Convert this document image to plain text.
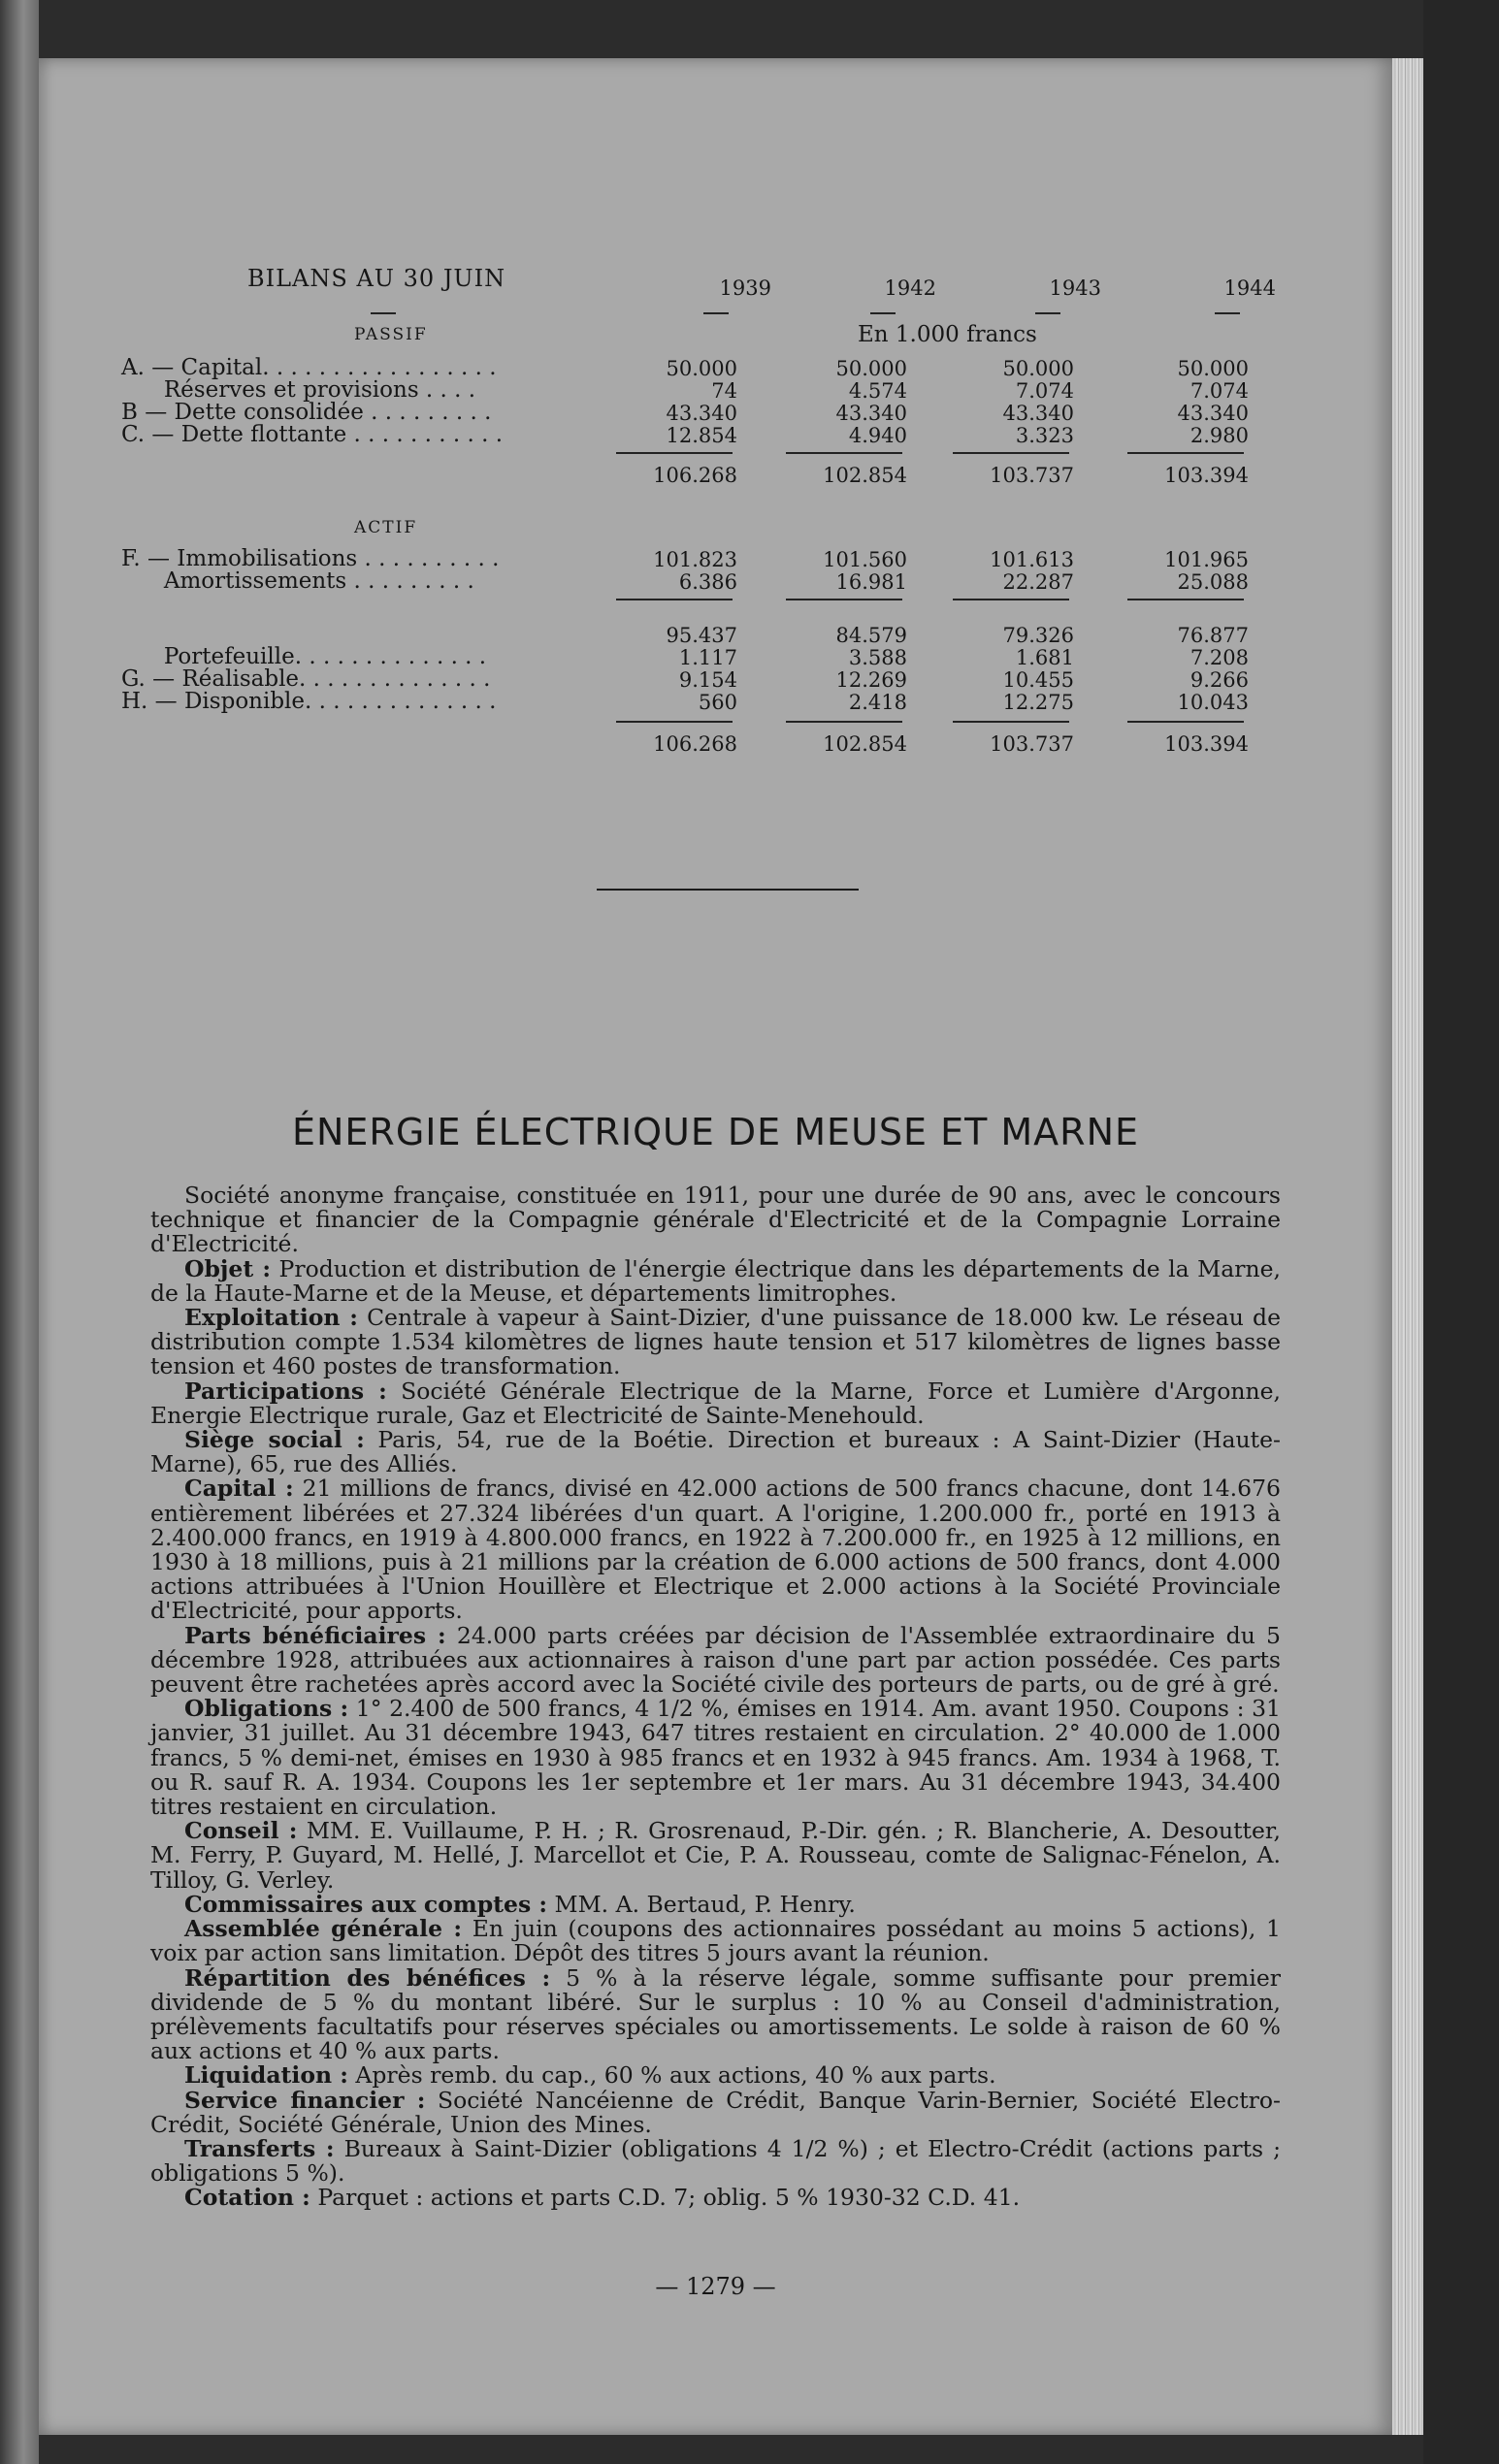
BILANS AU 30 JUIN	1939	1942	1943	1944
En 1.000 francs
PASSIF
A. — Capital. . . . . . . . . . . . . . . . .	50.000	50.000	50.000	50.000
Réserves et provisions . . . .	74	4.574	7.074	7.074
B — Dette consolidée . . . . . . . . .	43.340	43.340	43.340	43.340
C. — Dette flottante . . . . . . . . . . .	12.854	4.940	3.323	2.980
106.268	102.854	103.737	103.394
F. — Immobilisations . . . . . . . . . .	101.823	101.560	101.613	101.965
Amortissements . . . . . . . . .	6.386	16.981	22.287	25.088
95.437	84.579	79.326	76.877
Portefeuille. . . . . . . . . . . . . .	1.117	3.588	1.681	7.208
G. — Réalisable. . . . . . . . . . . . . .	9.154	12.269	10.455	9.266
H. — Disponible. . . . . . . . . . . . . .	560	2.418	12.275	10.043
106.268	102.854	103.737	103.394
ACTIF
ÉNERGIE ÉLECTRIQUE DE MEUSE ET MARNE

Société anonyme française, constituée en 1911, pour une durée de 90 ans, avec le concours technique et financier de la Compagnie générale d'Electricité et de la Compagnie Lorraine d'Electricité.

Objet : Production et distribution de l'énergie électrique dans les départements de la Marne, de la Haute-Marne et de la Meuse, et départements limitrophes.

Exploitation : Centrale à vapeur à Saint-Dizier, d'une puissance de 18.000 kw. Le réseau de distribution compte 1.534 kilomètres de lignes haute tension et 517 kilomètres de lignes basse tension et 460 postes de transformation.

Participations : Société Générale Electrique de la Marne, Force et Lumière d'Argonne, Energie Electrique rurale, Gaz et Electricité de Sainte-Menehould.

Siège social : Paris, 54, rue de la Boétie. Direction et bureaux : A Saint-Dizier (Haute-Marne), 65, rue des Alliés.

Capital : 21 millions de francs, divisé en 42.000 actions de 500 francs chacune, dont 14.676 entièrement libérées et 27.324 libérées d'un quart. A l'origine, 1.200.000 fr., porté en 1913 à 2.400.000 francs, en 1919 à 4.800.000 francs, en 1922 à 7.200.000 fr., en 1925 à 12 millions, en 1930 à 18 millions, puis à 21 millions par la création de 6.000 actions de 500 francs, dont 4.000 actions attribuées à l'Union Houillère et Electrique et 2.000 actions à la Société Provinciale d'Electricité, pour apports.

Parts bénéficiaires : 24.000 parts créées par décision de l'Assemblée extraordinaire du 5 décembre 1928, attribuées aux actionnaires à raison d'une part par action possédée. Ces parts peuvent être rachetées après accord avec la Société civile des porteurs de parts, ou de gré à gré.

Obligations : 1° 2.400 de 500 francs, 4 1/2 %, émises en 1914. Am. avant 1950. Coupons : 31 janvier, 31 juillet. Au 31 décembre 1943, 647 titres restaient en circulation. 2° 40.000 de 1.000 francs, 5 % demi-net, émises en 1930 à 985 francs et en 1932 à 945 francs. Am. 1934 à 1968, T. ou R. sauf R. A. 1934. Coupons les 1er septembre et 1er mars. Au 31 décembre 1943, 34.400 titres restaient en circulation.

Conseil : MM. E. Vuillaume, P. H. ; R. Grosrenaud, P.-Dir. gén. ; R. Blancherie, A. Desoutter, M. Ferry, P. Guyard, M. Hellé, J. Marcellot et Cie, P. A. Rousseau, comte de Salignac-Fénelon, A. Tilloy, G. Verley.

Commissaires aux comptes : MM. A. Bertaud, P. Henry.

Assemblée générale : En juin (coupons des actionnaires possédant au moins 5 actions), 1 voix par action sans limitation. Dépôt des titres 5 jours avant la réunion.

Répartition des bénéfices : 5 % à la réserve légale, somme suffisante pour premier dividende de 5 % du montant libéré. Sur le surplus : 10 % au Conseil d'administration, prélèvements facultatifs pour réserves spéciales ou amortissements. Le solde à raison de 60 % aux actions et 40 % aux parts.

Liquidation : Après remb. du cap., 60 % aux actions, 40 % aux parts.

Service financier : Société Nancéienne de Crédit, Banque Varin-Bernier, Société Electro-Crédit, Société Générale, Union des Mines.

Transferts : Bureaux à Saint-Dizier (obligations 4 1/2 %) ; et Electro-Crédit (actions parts ; obligations 5 %).

Cotation : Parquet : actions et parts C.D. 7; oblig. 5 % 1930-32 C.D. 41.

— 1279 —
